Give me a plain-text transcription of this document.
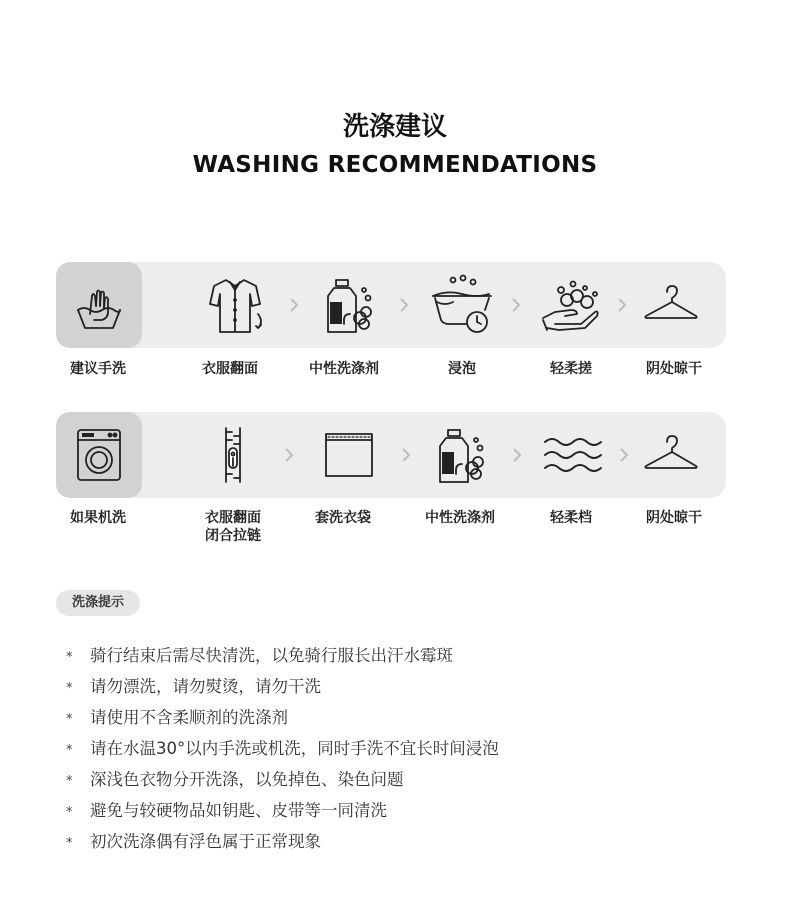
洗涤建议
WASHING RECOMMENDATIONS
建议手洗	衣服翻面	中性洗涤剂	浸泡	轻柔搓	阴处晾干
如果机洗	衣服翻面
闭合拉链
套洗衣袋	中性洗涤剂	轻柔档	阴处晾干
洗涤提示
* 骑行结束后需尽快清洗，以免骑行服长出汗水霉斑
* 请勿漂洗，请勿熨烫，请勿干洗
* 请使用不含柔顺剂的洗涤剂
* 请在水温30°以内手洗或机洗，同时手洗不宜长时间浸泡
* 深浅色衣物分开洗涤，以免掉色、染色问题
* 避免与较硬物品如钥匙、皮带等一同清洗
* 初次洗涤偶有浮色属于正常现象
